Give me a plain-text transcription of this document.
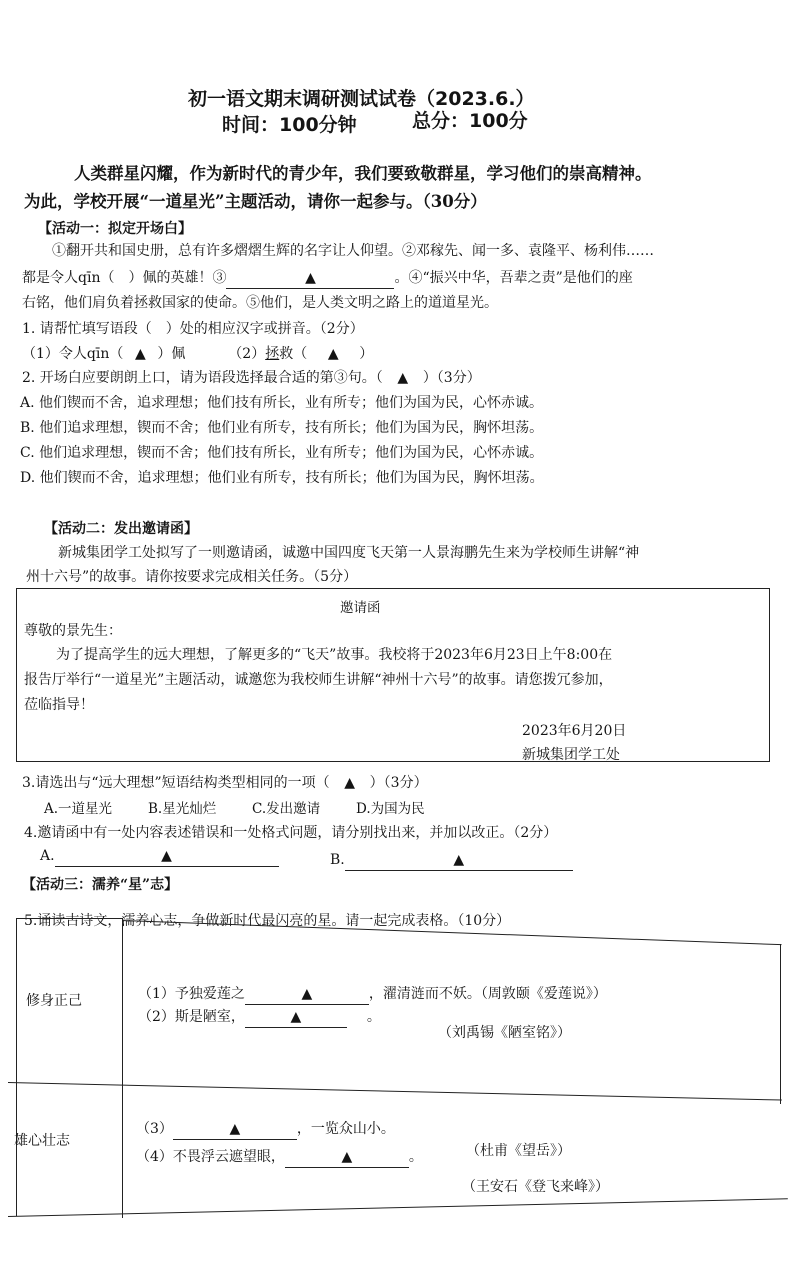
初一语文期末调研测试试卷（2023.6.）
时间：100分钟	总分：100分
人类群星闪耀，作为新时代的青少年，我们要致敬群星，学习他们的崇高精神。
为此，学校开展“一道星光”主题活动，请你一起参与。（30分）
【活动一：拟定开场白】
①翻开共和国史册，总有许多熠熠生辉的名字让人仰望。②邓稼先、闻一多、袁隆平、杨利伟……
都是令人qīn（　）佩的英雄！③	▲	。④“振兴中华，吾辈之责”是他们的座
右铭，他们肩负着拯救国家的使命。⑤他们，是人类文明之路上的道道星光。
1. 请帮忙填写语段（　）处的相应汉字或拼音。（2分）
（1）令人qīn（ ▲ ）佩	（2）拯救（ ▲ ）
2. 开场白应要朗朗上口，请为语段选择最合适的第③句。（ ▲ ）（3分）
A. 他们锲而不舍，追求理想；他们技有所长，业有所专；他们为国为民，心怀赤诚。
B. 他们追求理想，锲而不舍；他们业有所专，技有所长；他们为国为民，胸怀坦荡。
C. 他们追求理想，锲而不舍；他们技有所长，业有所专；他们为国为民，心怀赤诚。
D. 他们锲而不舍，追求理想；他们业有所专，技有所长；他们为国为民，胸怀坦荡。
【活动二：发出邀请函】
新城集团学工处拟写了一则邀请函，诚邀中国四度飞天第一人景海鹏先生来为学校师生讲解“神
州十六号”的故事。请你按要求完成相关任务。（5分）
邀请函
尊敬的景先生：
为了提高学生的远大理想，了解更多的“飞天”故事。我校将于2023年6月23日上午8:00在
报告厅举行“一道星光”主题活动，诚邀您为我校师生讲解“神州十六号”的故事。请您拨冗参加，
莅临指导！
2023年6月20日
新城集团学工处
3.请选出与“远大理想”短语结构类型相同的一项（ ▲ ）（3分）
A.一道星光	B.星光灿烂	C.发出邀请	D.为国为民
4.邀请函中有一处内容表述错误和一处格式问题，请分别找出来，并加以改正。（2分）
A.	▲	B.	▲
【活动三：濡养“星”志】
5.诵读古诗文，濡养心志，争做新时代最闪亮的星。请一起完成表格。（10分）
修身正己	（1）予独爱莲之	▲	，濯清涟而不妖。（周敦颐《爱莲说》）
（2）斯是陋室，	▲	。
（刘禹锡《陋室铭》）
雄心壮志
（3）	▲	，一览众山小。
（杜甫《望岳》）
（4）不畏浮云遮望眼，	▲	。
（王安石《登飞来峰》）
